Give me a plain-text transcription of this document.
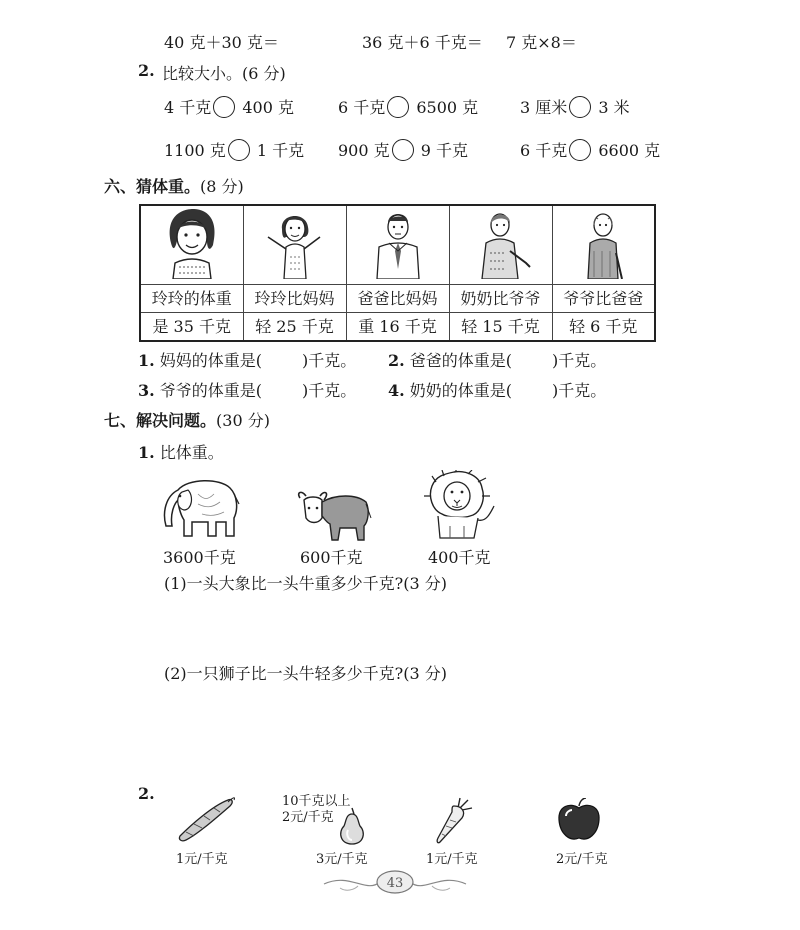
40 克＋30 克＝	36 克＋6 千克＝ 7 克×8＝
2. 比较大小。(6 分)
4 千克 400 克	6 千克 6500 克	3 厘米 3 米
1100 克 1 千克 900 克 9 千克	6 千克 6600 克
六、猜体重。(8 分)

玲玲的体重	玲玲比妈妈	爸爸比妈妈	奶奶比爷爷	爷爷比爸爸
是 35 千克	轻 25 千克	重 16 千克	轻 15 千克	轻 6 千克
1. 妈妈的体重是(	)千克。 2. 爸爸的体重是(	)千克。
3. 爷爷的体重是(	)千克。 4. 奶奶的体重是(	)千克。
七、解决问题。(30 分)
1. 比体重。
3600千克	600千克	400千克
(1)一头大象比一头牛重多少千克?(3 分)
(2)一只狮子比一头牛轻多少千克?(3 分)
2.
1元/千克
10千克以上
2元/千克
3元/千克	1元/千克	2元/千克
43
